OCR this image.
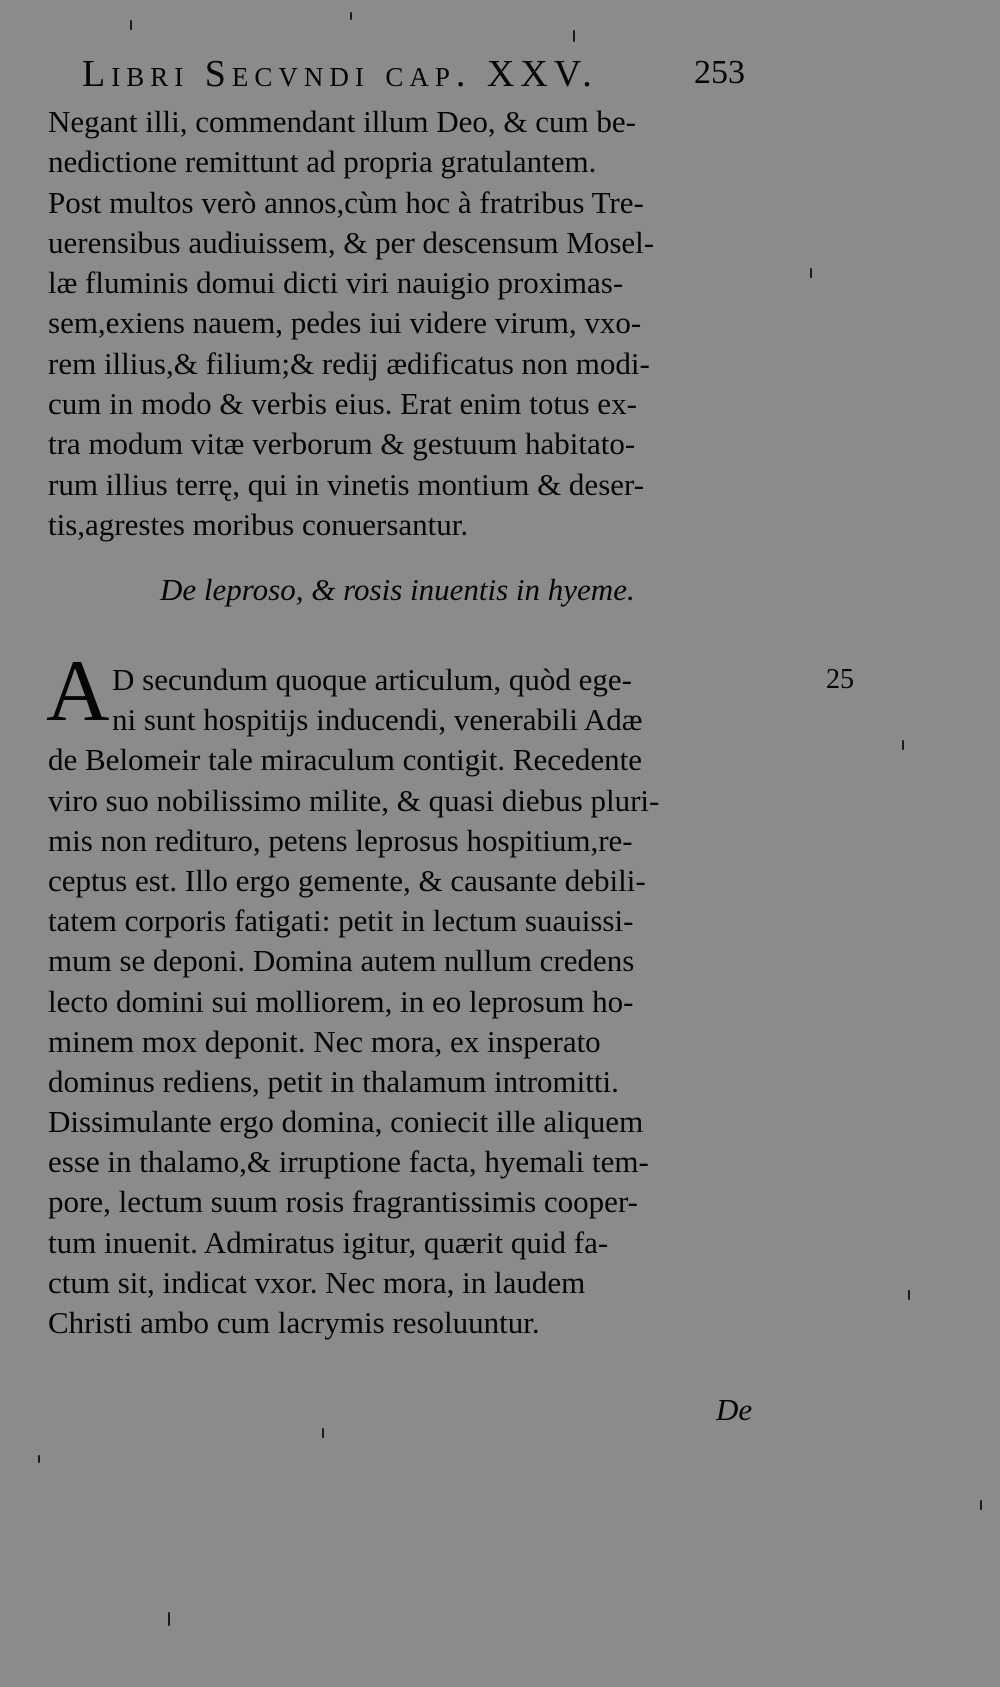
Libri Secvndi cap. XXV.	253
Negant illi, commendant illum Deo, & cum be-
nedictione remittunt ad propria gratulantem.
Post multos verò annos,cùm hoc à fratribus Tre-
uerensibus audiuissem, & per descensum Mosel-
læ fluminis domui dicti viri nauigio proximas-
sem,exiens nauem, pedes iui videre virum, vxo-
rem illius,& filium;& redij ædificatus non modi-
cum in modo & verbis eius. Erat enim totus ex-
tra modum vitæ verborum & gestuum habitato-
rum illius terrę, qui in vinetis montium & deser-
tis,agrestes moribus conuersantur.
De leproso, & rosis inuentis in hyeme.
A	25
D secundum quoque articulum, quòd ege-
ni sunt hospitijs inducendi, venerabili Adæ
de Belomeir tale miraculum contigit. Recedente
viro suo nobilissimo milite, & quasi diebus pluri-
mis non redituro, petens leprosus hospitium,re-
ceptus est. Illo ergo gemente, & causante debili-
tatem corporis fatigati: petit in lectum suauissi-
mum se deponi. Domina autem nullum credens
lecto domini sui molliorem, in eo leprosum ho-
minem mox deponit. Nec mora, ex insperato
dominus rediens, petit in thalamum intromitti.
Dissimulante ergo domina, coniecit ille aliquem
esse in thalamo,& irruptione facta, hyemali tem-
pore, lectum suum rosis fragrantissimis cooper-
tum inuenit. Admiratus igitur, quærit quid fa-
ctum sit, indicat vxor. Nec mora, in laudem
Christi ambo cum lacrymis resoluuntur.
De
